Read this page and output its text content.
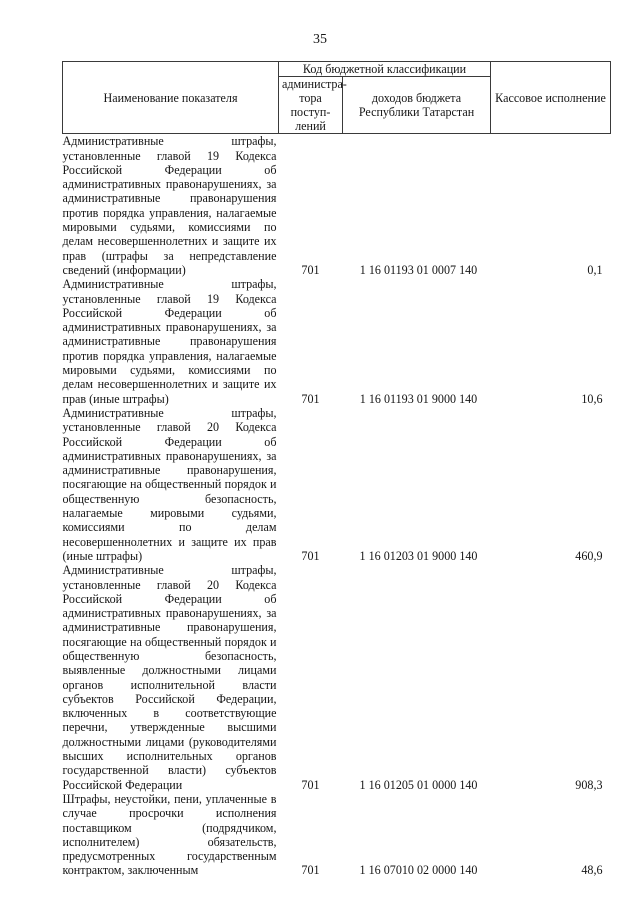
35
Наименование показателя	Код бюджетной классификации		Кассовое исполнение
	администра- тора поступ- лений	доходов бюджета Республики Татарстан	
Административные штрафы, установленные главой 19 Кодекса Российской Федерации об административных правонарушениях, за административные правонарушения против порядка управления, налагаемые мировыми судьями, комиссиями по делам несовершеннолетних и защите их прав (штрафы за непредставление сведений (информации)	701	1 16 01193 01 0007 140	0,1
Административные штрафы, установленные главой 19 Кодекса Российской Федерации об административных правонарушениях, за административные правонарушения против порядка управления, налагаемые мировыми судьями, комиссиями по делам несовершеннолетних и защите их прав (иные штрафы)	701	1 16 01193 01 9000 140	10,6
Административные штрафы, установленные главой 20 Кодекса Российской Федерации об административных правонарушениях, за административные правонарушения, посягающие на общественный порядок и общественную безопасность, налагаемые мировыми судьями, комиссиями по делам несовершеннолетних и защите их прав (иные штрафы)	701	1 16 01203 01 9000 140	460,9
Административные штрафы, установленные главой 20 Кодекса Российской Федерации об административных правонарушениях, за административные правонарушения, посягающие на общественный порядок и общественную безопасность, выявленные должностными лицами органов исполнительной власти субъектов Российской Федерации, включенных в соответствующие перечни, утвержденные высшими должностными лицами (руководителями высших исполнительных органов государственной власти) субъектов Российской Федерации	701	1 16 01205 01 0000 140	908,3
Штрафы, неустойки, пени, уплаченные в случае просрочки исполнения поставщиком (подрядчиком, исполнителем) обязательств, предусмотренных государственным контрактом, заключенным	701	1 16 07010 02 0000 140	48,6
